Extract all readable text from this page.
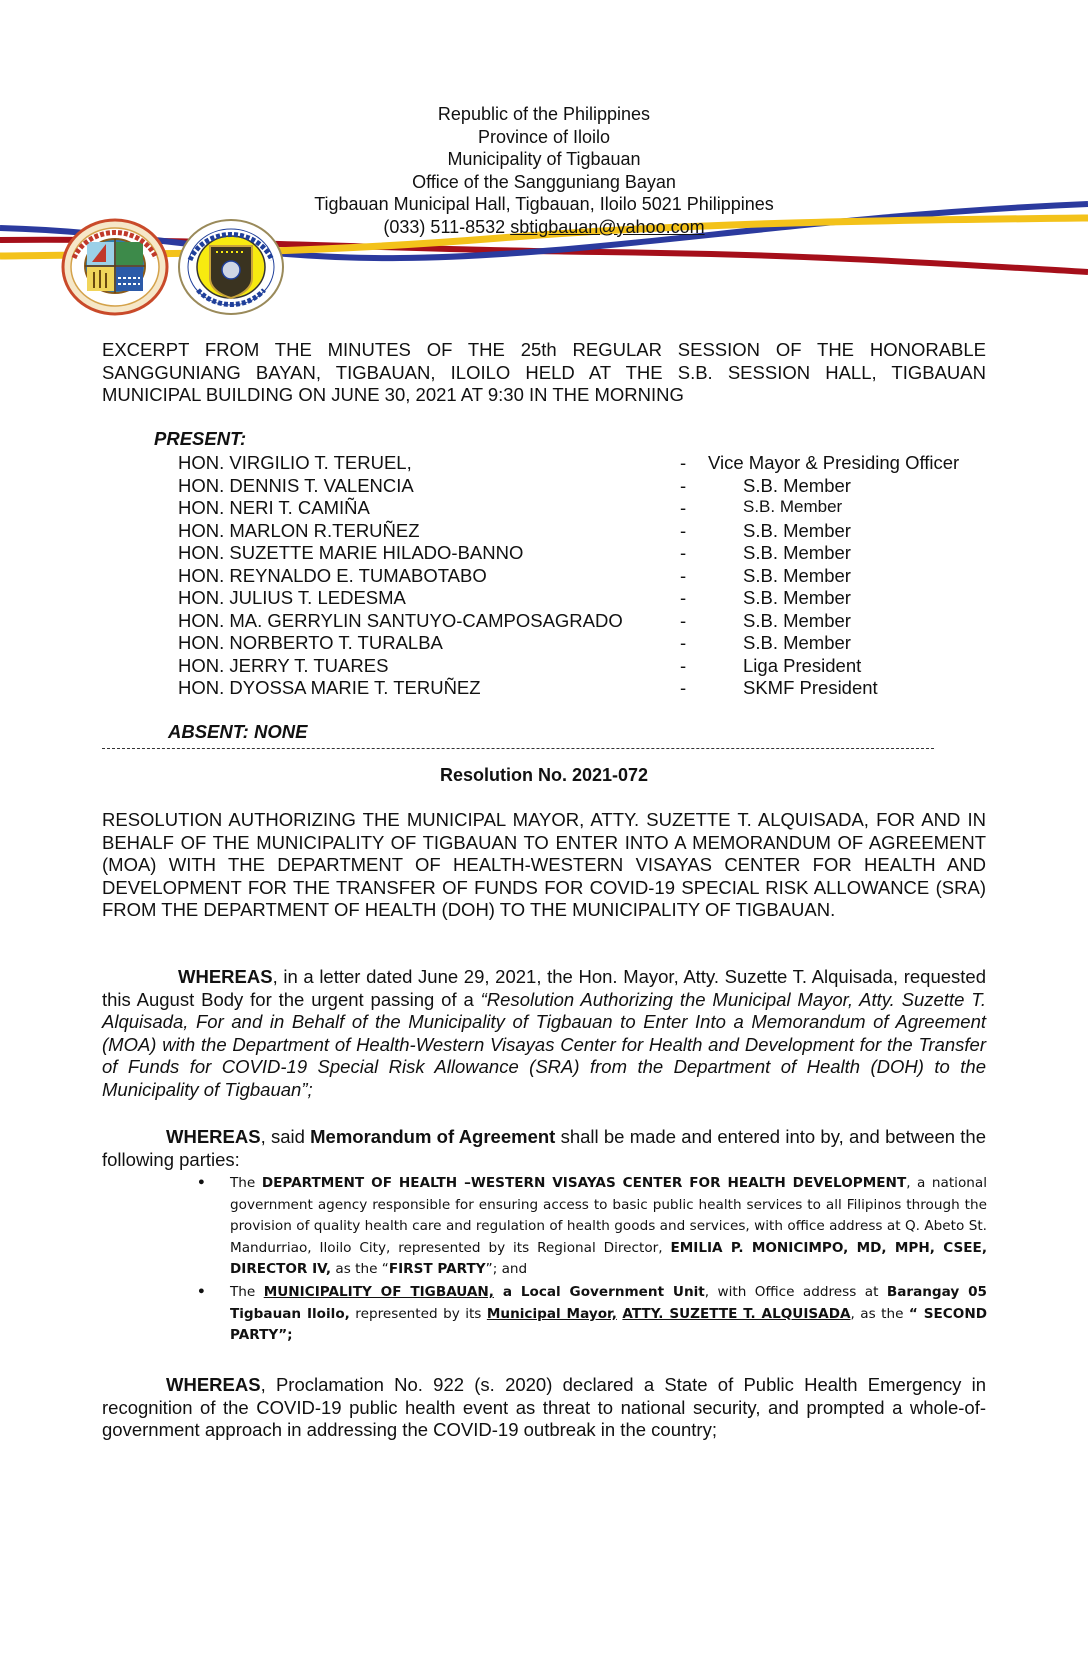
Republic of the Philippines
Province of Iloilo
Municipality of Tigbauan
Office of the Sangguniang Bayan
Tigbauan Municipal Hall, Tigbauan, Iloilo 5021 Philippines
(033) 511-8532 sbtigbauan@yahoo.com
EXCERPT FROM THE MINUTES OF THE 25th REGULAR SESSION OF THE HONORABLE SANGGUNIANG BAYAN, TIGBAUAN, ILOILO HELD AT THE S.B. SESSION HALL, TIGBAUAN MUNICIPAL BUILDING ON JUNE 30, 2021 AT 9:30 IN THE MORNING
PRESENT:
HON. VIRGILIO T. TERUEL,	- Vice Mayor & Presiding Officer
HON. DENNIS T. VALENCIA	-	S.B. Member
HON. NERI T. CAMIÑA	-	S.B. Member
HON. MARLON R.TERUÑEZ	-	S.B. Member
HON. SUZETTE MARIE HILADO-BANNO	-	S.B. Member
HON. REYNALDO E. TUMABOTABO	-	S.B. Member
HON. JULIUS T. LEDESMA	-	S.B. Member
HON. MA. GERRYLIN SANTUYO-CAMPOSAGRADO	-	S.B. Member
HON. NORBERTO T. TURALBA	-	S.B. Member
HON. JERRY T. TUARES	-	Liga President
HON. DYOSSA MARIE T. TERUÑEZ	-	SKMF President
ABSENT: NONE
Resolution No. 2021-072
RESOLUTION AUTHORIZING THE MUNICIPAL MAYOR, ATTY. SUZETTE T. ALQUISADA, FOR AND IN BEHALF OF THE MUNICIPALITY OF TIGBAUAN TO ENTER INTO A MEMORANDUM OF AGREEMENT (MOA) WITH THE DEPARTMENT OF HEALTH-WESTERN VISAYAS CENTER FOR HEALTH AND DEVELOPMENT FOR THE TRANSFER OF FUNDS FOR COVID-19 SPECIAL RISK ALLOWANCE (SRA) FROM THE DEPARTMENT OF HEALTH (DOH) TO THE MUNICIPALITY OF TIGBAUAN.
WHEREAS, in a letter dated June 29, 2021, the Hon. Mayor, Atty. Suzette T. Alquisada, requested this August Body for the urgent passing of a “Resolution Authorizing the Municipal Mayor, Atty. Suzette T. Alquisada, For and in Behalf of the Municipality of Tigbauan to Enter Into a Memorandum of Agreement (MOA) with the Department of Health-Western Visayas Center for Health and Development for the Transfer of Funds for COVID-19 Special Risk Allowance (SRA) from the Department of Health (DOH) to the Municipality of Tigbauan”;
WHEREAS, said Memorandum of Agreement shall be made and entered into by, and between the following parties:
• The DEPARTMENT OF HEALTH –WESTERN VISAYAS CENTER FOR HEALTH DEVELOPMENT, a national government agency responsible for ensuring access to basic public health services to all Filipinos through the provision of quality health care and regulation of health goods and services, with office address at Q. Abeto St. Mandurriao, Iloilo City, represented by its Regional Director, EMILIA P. MONICIMPO, MD, MPH, CSEE, DIRECTOR IV, as the “FIRST PARTY”; and
• The MUNICIPALITY OF TIGBAUAN, a Local Government Unit, with Office address at Barangay 05 Tigbauan Iloilo, represented by its Municipal Mayor, ATTY. SUZETTE T. ALQUISADA, as the “ SECOND PARTY”;
WHEREAS, Proclamation No. 922 (s. 2020) declared a State of Public Health Emergency in recognition of the COVID-19 public health event as threat to national security, and prompted a whole-of-government approach in addressing the COVID-19 outbreak in the country;
